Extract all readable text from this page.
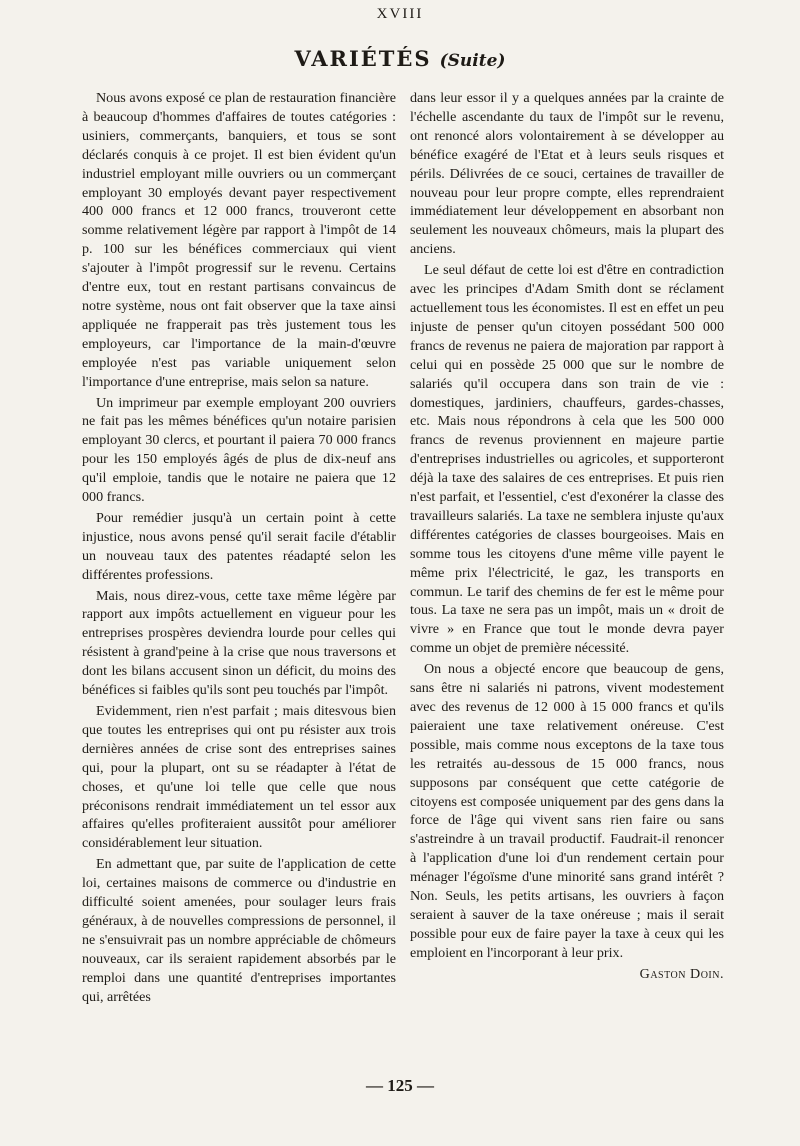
XVIII
VARIÉTÉS (Suite)

Nous avons exposé ce plan de restauration financière à beaucoup d'hommes d'affaires de toutes catégories : usiniers, commerçants, banquiers, et tous se sont déclarés conquis à ce projet. Il est bien évident qu'un industriel employant mille ouvriers ou un commerçant employant 30 employés devant payer respectivement 400 000 francs et 12 000 francs, trouveront cette somme relativement légère par rapport à l'impôt de 14 p. 100 sur les bénéfices commerciaux qui vient s'ajouter à l'impôt progressif sur le revenu. Certains d'entre eux, tout en restant partisans convaincus de notre système, nous ont fait observer que la taxe ainsi appliquée ne frapperait pas très justement tous les employeurs, car l'importance de la main-d'œuvre employée n'est pas variable uniquement selon l'importance d'une entreprise, mais selon sa nature.

Un imprimeur par exemple employant 200 ouvriers ne fait pas les mêmes bénéfices qu'un notaire parisien employant 30 clercs, et pourtant il paiera 70 000 francs pour les 150 employés âgés de plus de dix-neuf ans qu'il emploie, tandis que le notaire ne paiera que 12 000 francs.

Pour remédier jusqu'à un certain point à cette injustice, nous avons pensé qu'il serait facile d'établir un nouveau taux des patentes réadapté selon les différentes professions.

Mais, nous direz-vous, cette taxe même légère par rapport aux impôts actuellement en vigueur pour les entreprises prospères deviendra lourde pour celles qui résistent à grand'peine à la crise que nous traversons et dont les bilans accusent sinon un déficit, du moins des bénéfices si faibles qu'ils sont peu touchés par l'impôt.

Evidemment, rien n'est parfait ; mais ditesvous bien que toutes les entreprises qui ont pu résister aux trois dernières années de crise sont des entreprises saines qui, pour la plupart, ont su se réadapter à l'état de choses, et qu'une loi telle que celle que nous préconisons rendrait immédiatement un tel essor aux affaires qu'elles profiteraient aussitôt pour améliorer considérablement leur situation.

En admettant que, par suite de l'application de cette loi, certaines maisons de commerce ou d'industrie en difficulté soient amenées, pour soulager leurs frais généraux, à de nouvelles compressions de personnel, il ne s'ensuivrait pas un nombre appréciable de chômeurs nouveaux, car ils seraient rapidement absorbés par le remploi dans une quantité d'entreprises importantes qui, arrêtées

dans leur essor il y a quelques années par la crainte de l'échelle ascendante du taux de l'impôt sur le revenu, ont renoncé alors volontairement à se développer au bénéfice exagéré de l'Etat et à leurs seuls risques et périls. Délivrées de ce souci, certaines de travailler de nouveau pour leur propre compte, elles reprendraient immédiatement leur développement en absorbant non seulement les nouveaux chômeurs, mais la plupart des anciens.

Le seul défaut de cette loi est d'être en contradiction avec les principes d'Adam Smith dont se réclament actuellement tous les économistes. Il est en effet un peu injuste de penser qu'un citoyen possédant 500 000 francs de revenus ne paiera de majoration par rapport à celui qui en possède 25 000 que sur le nombre de salariés qu'il occupera dans son train de vie : domestiques, jardiniers, chauffeurs, gardes-chasses, etc. Mais nous répondrons à cela que les 500 000 francs de revenus proviennent en majeure partie d'entreprises industrielles ou agricoles, et supporteront déjà la taxe des salaires de ces entreprises. Et puis rien n'est parfait, et l'essentiel, c'est d'exonérer la classe des travailleurs salariés. La taxe ne semblera injuste qu'aux différentes catégories de classes bourgeoises. Mais en somme tous les citoyens d'une même ville payent le même prix l'électricité, le gaz, les transports en commun. Le tarif des chemins de fer est le même pour tous. La taxe ne sera pas un impôt, mais un « droit de vivre » en France que tout le monde devra payer comme un objet de première nécessité.

On nous a objecté encore que beaucoup de gens, sans être ni salariés ni patrons, vivent modestement avec des revenus de 12 000 à 15 000 francs et qu'ils paieraient une taxe relativement onéreuse. C'est possible, mais comme nous exceptons de la taxe tous les retraités au-dessous de 15 000 francs, nous supposons par conséquent que cette catégorie de citoyens est composée uniquement par des gens dans la force de l'âge qui vivent sans rien faire ou sans s'astreindre à un travail productif. Faudrait-il renoncer à l'application d'une loi d'un rendement certain pour ménager l'égoïsme d'une minorité sans grand intérêt ? Non. Seuls, les petits artisans, les ouvriers à façon seraient à sauver de la taxe onéreuse ; mais il serait possible pour eux de faire payer la taxe à ceux qui les emploient en l'incorporant à leur prix.

Gaston Doin.

— 125 —
